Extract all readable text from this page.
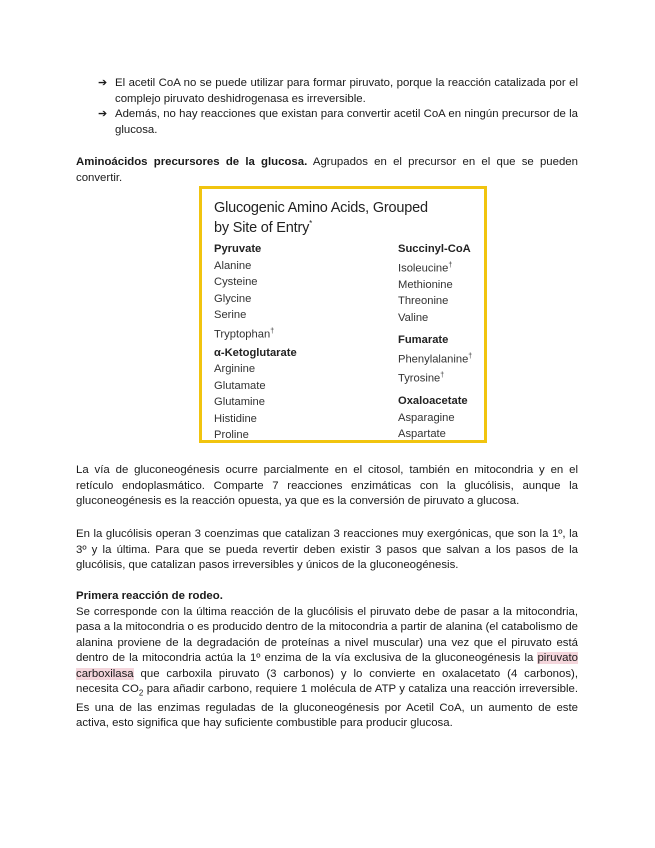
➔ El acetil CoA no se puede utilizar para formar piruvato, porque la reacción catalizada por el complejo piruvato deshidrogenasa es irreversible.
➔ Además, no hay reacciones que existan para convertir acetil CoA en ningún precursor de la glucosa.
Aminoácidos precursores de la glucosa. Agrupados en el precursor en el que se pueden convertir.
Glucogenic Amino Acids, Grouped
by Site of Entry*
Pyruvate
Alanine
Cysteine
Glycine
Serine
Tryptophan†
α-Ketoglutarate
Arginine
Glutamate
Glutamine
Histidine
Proline
Succinyl-CoA
Isoleucine†
Methionine
Threonine
Valine
Fumarate
Phenylalanine†
Tyrosine†
Oxaloacetate
Asparagine
Aspartate
La vía de gluconeogénesis ocurre parcialmente en el citosol, también en mitocondria y en el retículo endoplasmático. Comparte 7 reacciones enzimáticas con la glucólisis, aunque la gluconeogénesis es la reacción opuesta, ya que es la conversión de piruvato a glucosa.
En la glucólisis operan 3 coenzimas que catalizan 3 reacciones muy exergónicas, que son la 1º, la 3º y la última. Para que se pueda revertir deben existir 3 pasos que salvan a los pasos de la glucólisis, que catalizan pasos irreversibles y únicos de la gluconeogénesis.
Primera reacción de rodeo.
Se corresponde con la última reacción de la glucólisis el piruvato debe de pasar a la mitocondria, pasa a la mitocondria o es producido dentro de la mitocondria a partir de alanina (el catabolismo de alanina proviene de la degradación de proteínas a nivel muscular) una vez que el piruvato está dentro de la mitocondria actúa la 1º enzima de la vía exclusiva de la gluconeogénesis la piruvato carboxilasa que carboxila piruvato (3 carbonos) y lo convierte en oxalacetato (4 carbonos), necesita $CO_2$ para añadir carbono, requiere 1 molécula de ATP y cataliza una reacción irreversible. Es una de las enzimas reguladas de la gluconeogénesis por Acetil CoA, un aumento de este activa, esto significa que hay suficiente combustible para producir glucosa.
